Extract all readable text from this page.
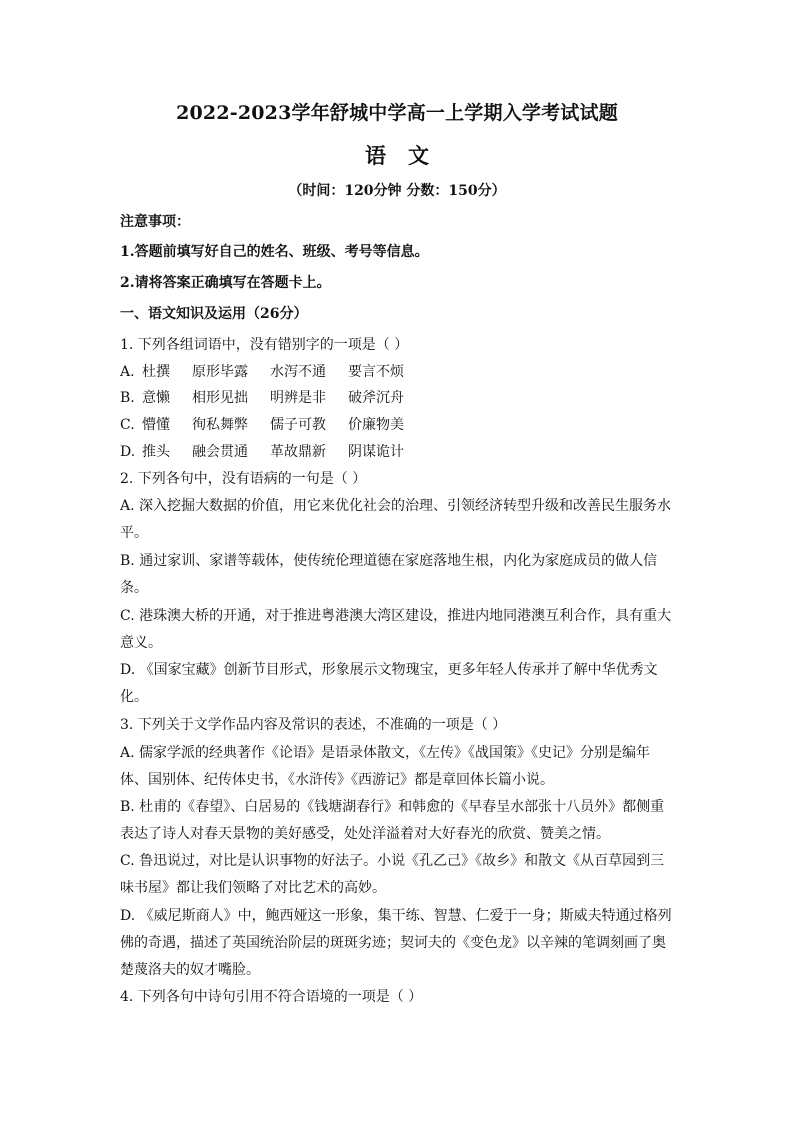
2022-2023学年舒城中学高一上学期入学考试试题
语 文
（时间：120分钟 分数：150分）
注意事项：
1.答题前填写好自己的姓名、班级、考号等信息。
2.请将答案正确填写在答题卡上。
一、语文知识及运用（26分）
1. 下列各组词语中，没有错别字的一项是（ ）
A. 杜撰 原形毕露 水泻不通 要言不烦
B. 意懒 相形见拙 明辨是非 破斧沉舟
C. 懵懂 徇私舞弊 儒子可教 价廉物美
D. 推头 融会贯通 革故鼎新 阴谋诡计
2. 下列各句中，没有语病的一句是（ ）
A. 深入挖掘大数据的价值，用它来优化社会的治理、引领经济转型升级和改善民生服务水
平。
B. 通过家训、家谱等载体，使传统伦理道德在家庭落地生根，内化为家庭成员的做人信
条。
C. 港珠澳大桥的开通，对于推进粤港澳大湾区建设，推进内地同港澳互利合作，具有重大
意义。
D. 《国家宝藏》创新节目形式，形象展示文物瑰宝，更多年轻人传承并了解中华优秀文
化。
3. 下列关于文学作品内容及常识的表述，不准确的一项是（ ）
A. 儒家学派的经典著作《论语》是语录体散文，《左传》《战国策》《史记》分别是编年
体、国别体、纪传体史书，《水浒传》《西游记》都是章回体长篇小说。
B. 杜甫的《春望》、白居易的《钱塘湖春行》和韩愈的《早春呈水部张十八员外》都侧重
表达了诗人对春天景物的美好感受，处处洋溢着对大好春光的欣赏、赞美之情。
C. 鲁迅说过，对比是认识事物的好法子。小说《孔乙己》《故乡》和散文《从百草园到三
味书屋》都让我们领略了对比艺术的高妙。
D. 《威尼斯商人》中，鲍西娅这一形象，集干练、智慧、仁爱于一身；斯威夫特通过格列
佛的奇遇，描述了英国统治阶层的斑斑劣迹；契诃夫的《变色龙》以辛辣的笔调刻画了奥
楚蔑洛夫的奴才嘴脸。
4. 下列各句中诗句引用不符合语境的一项是（ ）
